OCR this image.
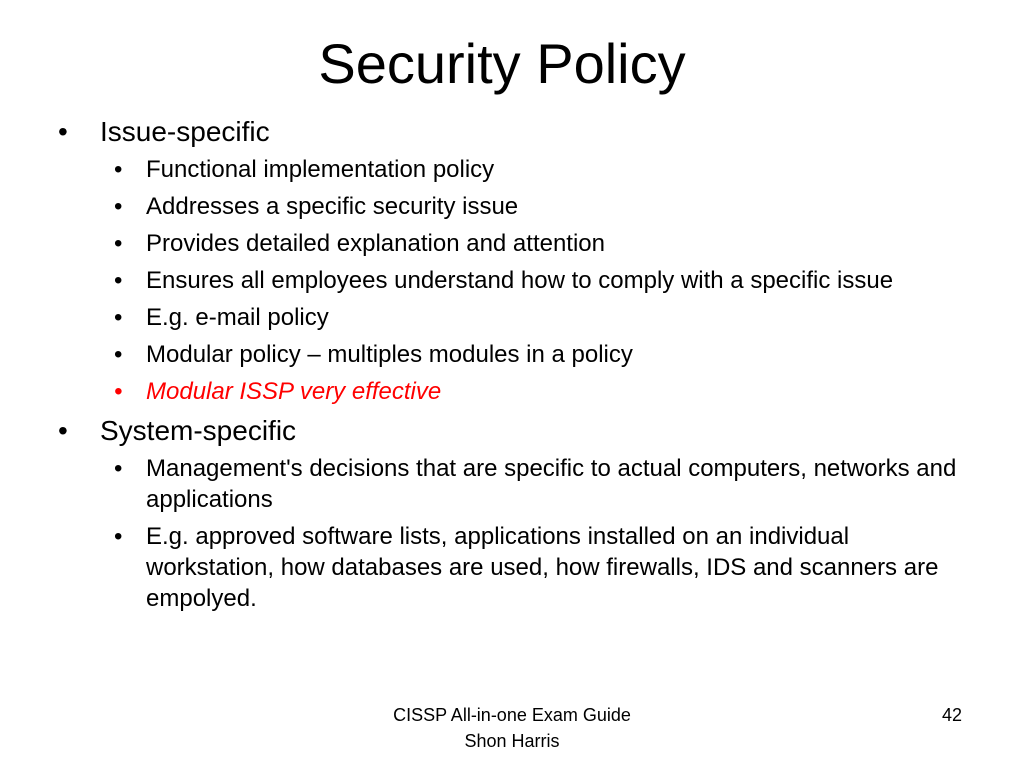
Security Policy
• Issue-specific
• Functional implementation policy
• Addresses a specific security issue
• Provides detailed explanation and attention
• Ensures all employees understand how to comply with a specific issue
• E.g. e-mail policy
• Modular policy – multiples modules in a policy
• Modular ISSP very effective
• System-specific
• Management's decisions that are specific to actual computers, networks and applications
• E.g. approved software lists, applications installed on an individual workstation, how databases are used, how firewalls, IDS and scanners are empolyed.
CISSP All-in-one Exam Guide
Shon Harris
42
